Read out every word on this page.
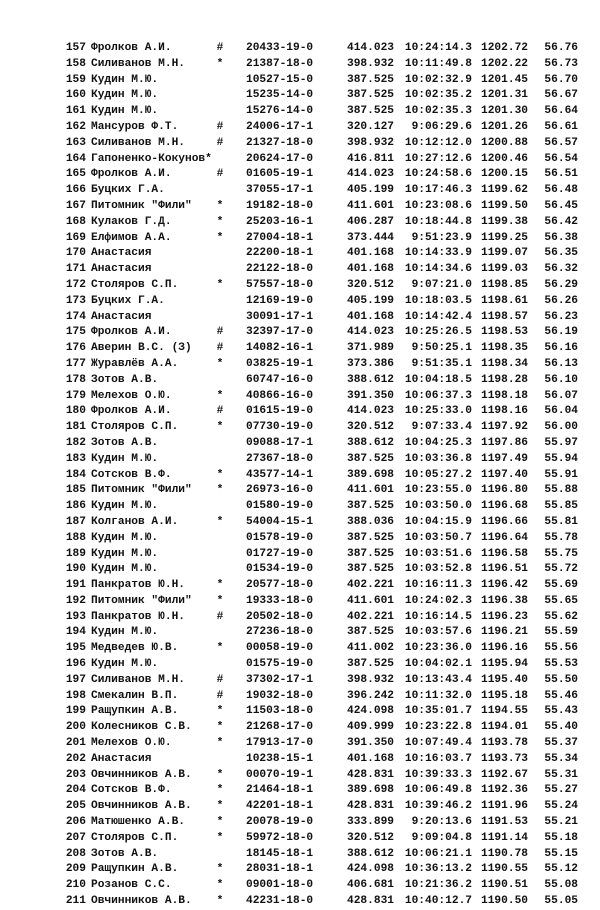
157 Фролков А.И.	# 20433-19-0	414.023 10:24:14.3 1202.72	56.76
158 Силиванов М.Н.	* 21387-18-0	398.932 10:11:49.8 1202.22	56.73
159 Кудин М.Ю.	10527-15-0	387.525 10:02:32.9 1201.45	56.70
160 Кудин М.Ю.	15235-14-0	387.525 10:02:35.2 1201.31	56.67
161 Кудин М.Ю.	15276-14-0	387.525 10:02:35.3 1201.30	56.64
162 Мансуров Ф.Т.	# 24006-17-1	320.127	9:06:29.6 1201.26	56.61
163 Силиванов М.Н.	# 21327-18-0	398.932 10:12:12.0 1200.88	56.57
164 Гапоненко-Кокунов*	20624-17-0	416.811 10:27:12.6 1200.46	56.54
165 Фролков А.И.	# 01605-19-1	414.023 10:24:58.6 1200.15	56.51
166 Буцких Г.А.	37055-17-1	405.199 10:17:46.3 1199.62	56.48
167 Питомник "Фили" * 19182-18-0	411.601 10:23:08.6 1199.50	56.45
168 Кулаков Г.Д.	* 25203-16-1	406.287 10:18:44.8 1199.38	56.42
169 Елфимов А.А.	* 27004-18-1	373.444	9:51:23.9 1199.25	56.38
170 Анастасия	22200-18-1	401.168 10:14:33.9 1199.07	56.35
171 Анастасия	22122-18-0	401.168 10:14:34.6 1199.03	56.32
172 Столяров С.П.	* 57557-18-0	320.512	9:07:21.0 1198.85	56.29
173 Буцких Г.А.	12169-19-0	405.199 10:18:03.5 1198.61	56.26
174 Анастасия	30091-17-1	401.168 10:14:42.4 1198.57	56.23
175 Фролков А.И.	# 32397-17-0	414.023 10:25:26.5 1198.53	56.19
176 Аверин В.С. (З) # 14082-16-1	371.989	9:50:25.1 1198.35	56.16
177 Журавлёв А.А.	* 03825-19-1	373.386	9:51:35.1 1198.34	56.13
178 Зотов А.В.	60747-16-0	388.612 10:04:18.5 1198.28	56.10
179 Мелехов О.Ю.	* 40866-16-0	391.350 10:06:37.3 1198.18	56.07
180 Фролков А.И.	# 01615-19-0	414.023 10:25:33.0 1198.16	56.04
181 Столяров С.П.	* 07730-19-0	320.512	9:07:33.4 1197.92	56.00
182 Зотов А.В.	09088-17-1	388.612 10:04:25.3 1197.86	55.97
183 Кудин М.Ю.	27367-18-0	387.525 10:03:36.8 1197.49	55.94
184 Сотсков В.Ф.	* 43577-14-1	389.698 10:05:27.2 1197.40	55.91
185 Питомник "Фили" * 26973-16-0	411.601 10:23:55.0 1196.80	55.88
186 Кудин М.Ю.	01580-19-0	387.525 10:03:50.0 1196.68	55.85
187 Колганов А.И.	* 54004-15-1	388.036 10:04:15.9 1196.66	55.81
188 Кудин М.Ю.	01578-19-0	387.525 10:03:50.7 1196.64	55.78
189 Кудин М.Ю.	01727-19-0	387.525 10:03:51.6 1196.58	55.75
190 Кудин М.Ю.	01534-19-0	387.525 10:03:52.8 1196.51	55.72
191 Панкратов Ю.Н.	* 20577-18-0	402.221 10:16:11.3 1196.42	55.69
192 Питомник "Фили" * 19333-18-0	411.601 10:24:02.3 1196.38	55.65
193 Панкратов Ю.Н.	# 20502-18-0	402.221 10:16:14.5 1196.23	55.62
194 Кудин М.Ю.	27236-18-0	387.525 10:03:57.6 1196.21	55.59
195 Медведев Ю.В.	* 00058-19-0	411.002 10:23:36.0 1196.16	55.56
196 Кудин М.Ю.	01575-19-0	387.525 10:04:02.1 1195.94	55.53
197 Силиванов М.Н.	# 37302-17-1	398.932 10:13:43.4 1195.40	55.50
198 Смекалин В.П.	# 19032-18-0	396.242 10:11:32.0 1195.18	55.46
199 Ращупкин А.В.	* 11503-18-0	424.098 10:35:01.7 1194.55	55.43
200 Колесников С.В. * 21268-17-0	409.999 10:23:22.8 1194.01	55.40
201 Мелехов О.Ю.	* 17913-17-0	391.350 10:07:49.4 1193.78	55.37
202 Анастасия	10238-15-1	401.168 10:16:03.7 1193.73	55.34
203 Овчинников А.В. * 00070-19-1	428.831 10:39:33.3 1192.67	55.31
204 Сотсков В.Ф.	* 21464-18-1	389.698 10:06:49.8 1192.36	55.27
205 Овчинников А.В. * 42201-18-1	428.831 10:39:46.2 1191.96	55.24
206 Матюшенко А.В.	* 20078-19-0	333.899	9:20:13.6 1191.53	55.21
207 Столяров С.П.	* 59972-18-0	320.512	9:09:04.8 1191.14	55.18
208 Зотов А.В.	18145-18-1	388.612 10:06:21.1 1190.78	55.15
209 Ращупкин А.В.	* 28031-18-1	424.098 10:36:13.2 1190.55	55.12
210 Розанов С.С.	* 09001-18-0	406.681 10:21:36.2 1190.51	55.08
211 Овчинников А.В. * 42231-18-0	428.831 10:40:12.7 1190.50	55.05
